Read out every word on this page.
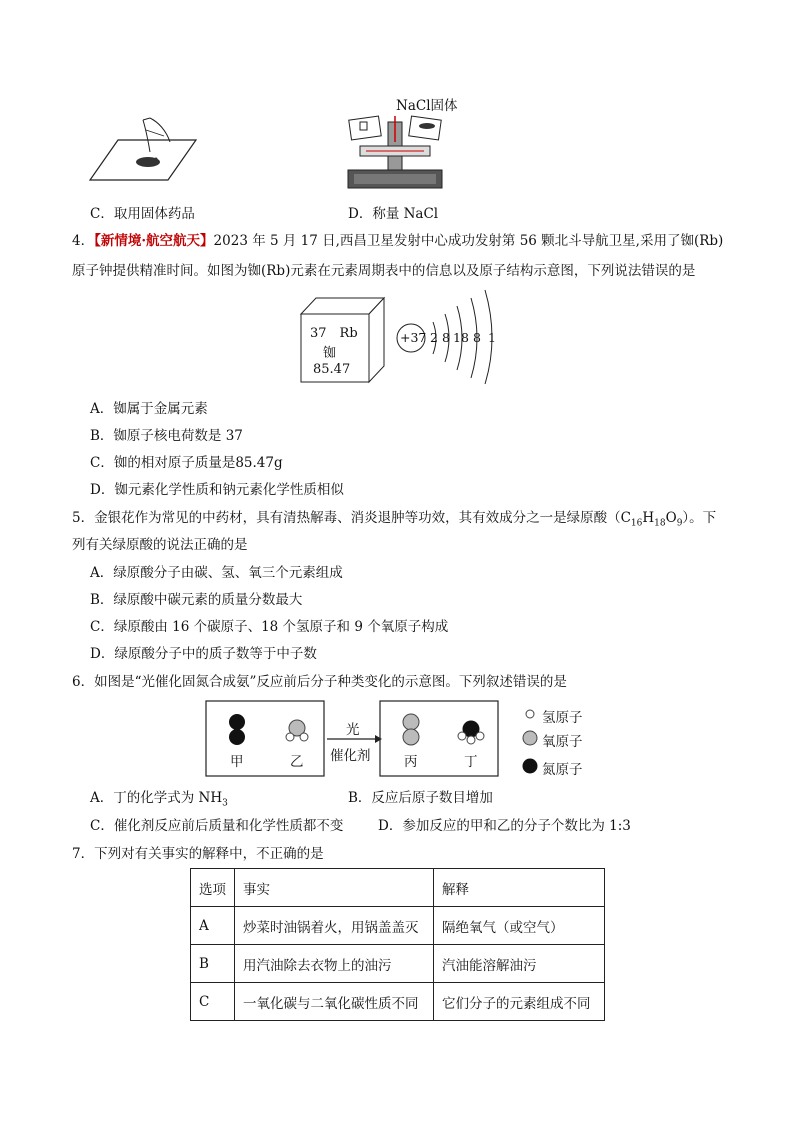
NaCl固体
C．取用固体药品	D．称量 NaCl
4．【新情境·航空航天】2023 年 5 月 17 日,西昌卫星发射中心成功发射第 56 颗北斗导航卫星,采用了铷(Rb)
原子钟提供精准时间。如图为铷(Rb)元素在元素周期表中的信息以及原子结构示意图，下列说法错误的是
37　Rb
铷
85.47
+37 2 8 18 8 1
A．铷属于金属元素
B．铷原子核电荷数是 37
C．铷的相对原子质量是85.47g
D．铷元素化学性质和钠元素化学性质相似
5．金银花作为常见的中药材，具有清热解毒、消炎退肿等功效，其有效成分之一是绿原酸$(C_{16}H_{18}O_9)$。下
列有关绿原酸的说法正确的是
A．绿原酸分子由碳、氢、氧三个元素组成
B．绿原酸中碳元素的质量分数最大
C．绿原酸由 16 个碳原子、18 个氢原子和 9 个氧原子构成
D．绿原酸分子中的质子数等于中子数
6．如图是“光催化固氮合成氨”反应前后分子种类变化的示意图。下列叙述错误的是
甲	乙
光
催化剂 丙	丁
氢原子
氧原子
氮原子
A．丁的化学式为 $NH_3$	B．反应后原子数目增加
C．催化剂反应前后质量和化学性质都不变	D．参加反应的甲和乙的分子个数比为 1:3
7．下列对有关事实的解释中，不正确的是
选项	事实	解释
A	炒菜时油锅着火，用锅盖盖灭	隔绝氧气（或空气）
B	用汽油除去衣物上的油污	汽油能溶解油污
C	一氧化碳与二氧化碳性质不同	它们分子的元素组成不同
